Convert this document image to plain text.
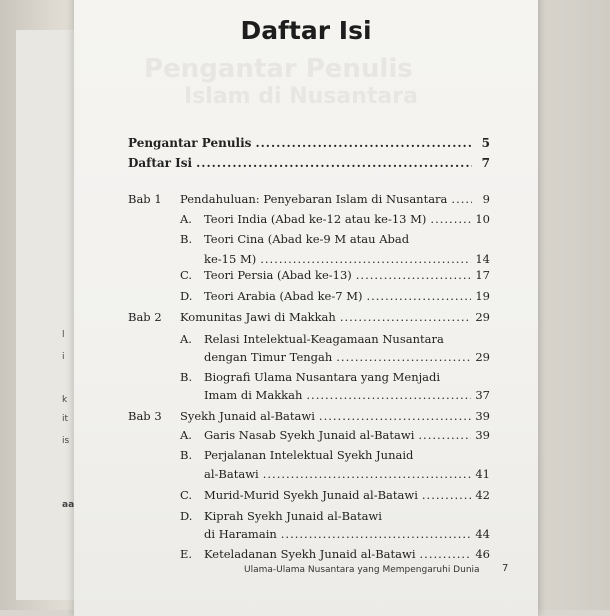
l
i
k
it
is
aa
Pengantar Penulis
Islam di Nusantara
Daftar Isi
Pengantar Penulis .....	5
Daftar Isi .....	7
Bab 1	Pendahuluan: Penyebaran Islam di Nusantara .....	9
A.	Teori India (Abad ke-12 atau ke-13 M) .....	10
B. Teori Cina (Abad ke-9 M atau Abad
ke-15 M) .....	14
C.	Teori Persia (Abad ke-13) .....	17
D.	Teori Arabia (Abad ke-7 M) .....	19
Bab 2	Komunitas Jawi di Makkah .....	29
A. Relasi Intelektual-Keagamaan Nusantara
dengan Timur Tengah .....	29
B. Biografi Ulama Nusantara yang Menjadi
Imam di Makkah .....	37
Bab 3	Syekh Junaid al-Batawi .....	39
A.	Garis Nasab Syekh Junaid al-Batawi .....	39
B. Perjalanan Intelektual Syekh Junaid
al-Batawi .....	41
C.	Murid-Murid Syekh Junaid al-Batawi .....	42
D. Kiprah Syekh Junaid al-Batawi
di Haramain .....	44
E.	Keteladanan Syekh Junaid al-Batawi .....	46
Ulama-Ulama Nusantara yang Mempengaruhi Dunia 7
